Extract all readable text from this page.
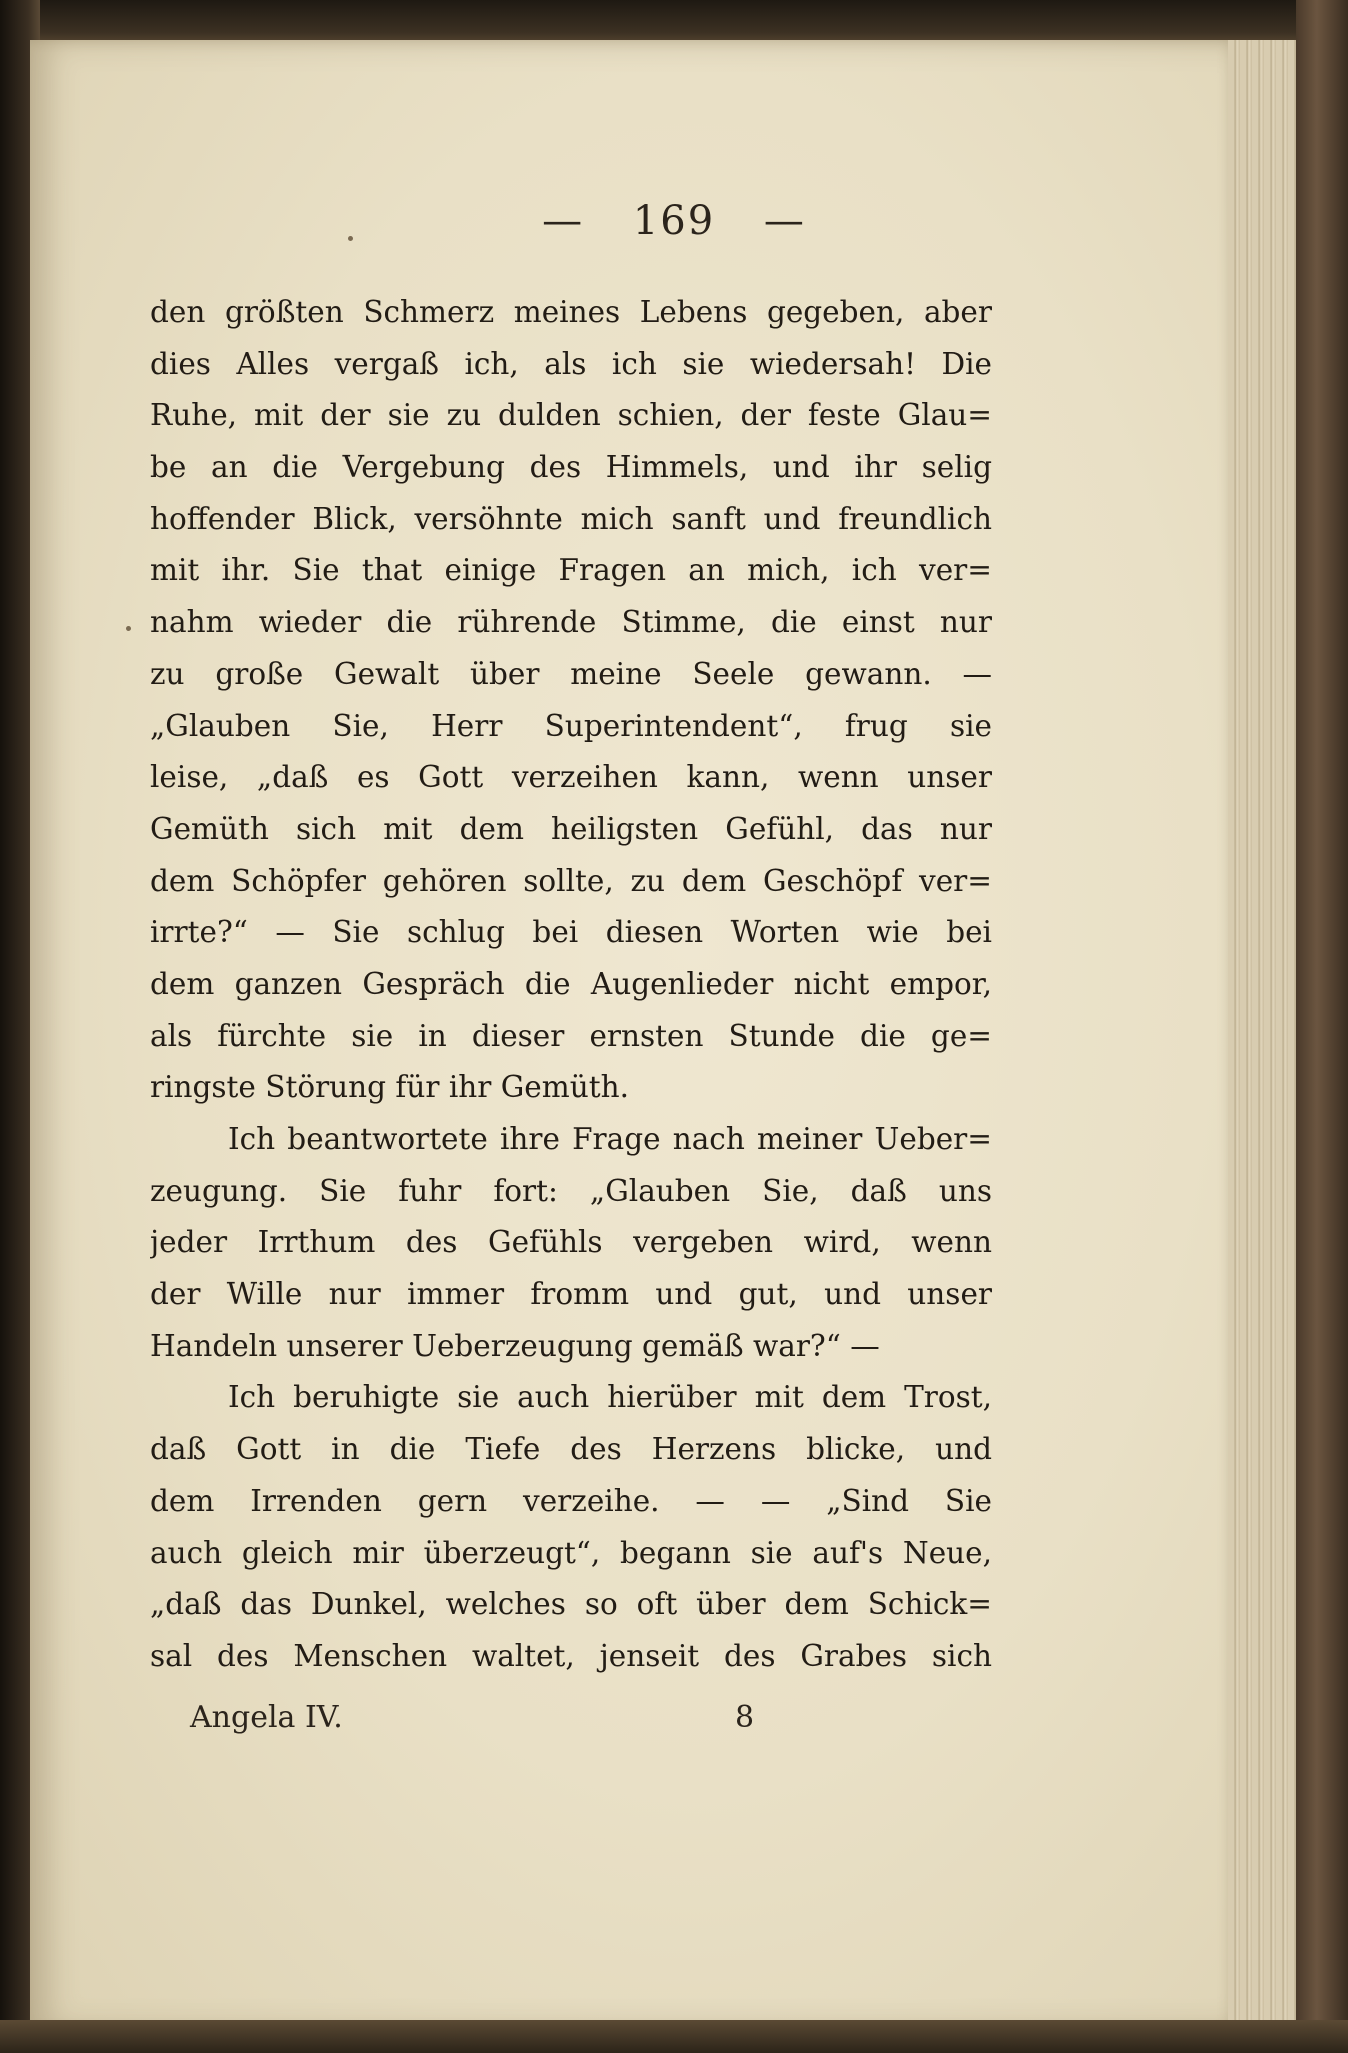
— 169 —
den größten Schmerz meines Lebens gegeben, aber
dies Alles vergaß ich, als ich sie wiedersah! Die
Ruhe, mit der sie zu dulden schien, der feste Glau=
be an die Vergebung des Himmels, und ihr selig
hoffender Blick, versöhnte mich sanft und freundlich
mit ihr. Sie that einige Fragen an mich, ich ver=
nahm wieder die rührende Stimme, die einst nur
zu große Gewalt über meine Seele gewann. —
„Glauben Sie, Herr Superintendent“, frug sie
leise, „daß es Gott verzeihen kann, wenn unser
Gemüth sich mit dem heiligsten Gefühl, das nur
dem Schöpfer gehören sollte, zu dem Geschöpf ver=
irrte?“ — Sie schlug bei diesen Worten wie bei
dem ganzen Gespräch die Augenlieder nicht empor,
als fürchte sie in dieser ernsten Stunde die ge=
ringste Störung für ihr Gemüth.
Ich beantwortete ihre Frage nach meiner Ueber=
zeugung. Sie fuhr fort: „Glauben Sie, daß uns
jeder Irrthum des Gefühls vergeben wird, wenn
der Wille nur immer fromm und gut, und unser
Handeln unserer Ueberzeugung gemäß war?“ —
Ich beruhigte sie auch hierüber mit dem Trost,
daß Gott in die Tiefe des Herzens blicke, und
dem Irrenden gern verzeihe. — — „Sind Sie
auch gleich mir überzeugt“, begann sie auf's Neue,
„daß das Dunkel, welches so oft über dem Schick=
sal des Menschen waltet, jenseit des Grabes sich
Angela IV.	8
